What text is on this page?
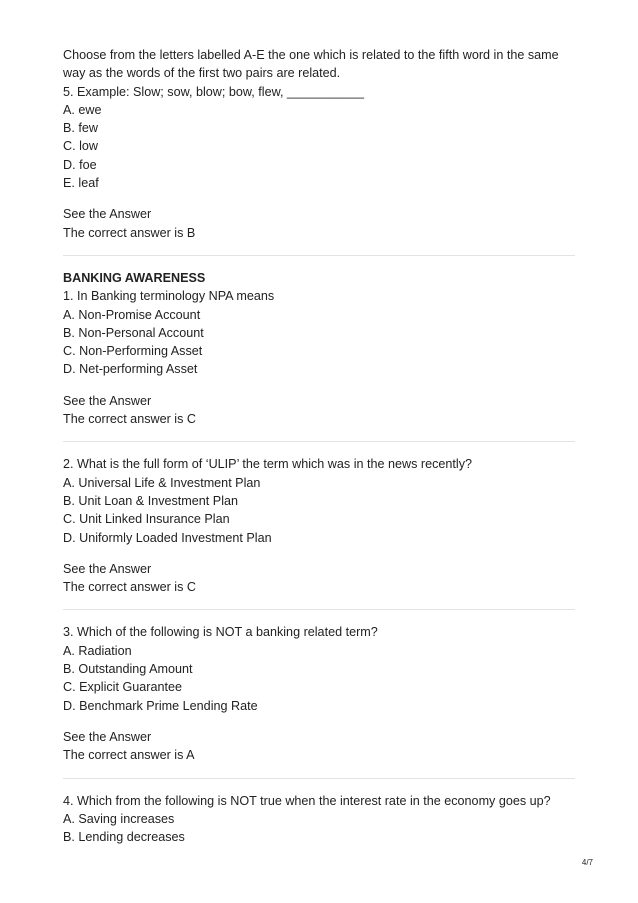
Choose from the letters labelled A-E the one which is related to the fifth word in the same way as the words of the first two pairs are related.

5. Example: Slow; sow, blow; bow, flew, ___________

A. ewe

B. few

C. low

D. foe

E. leaf

See the Answer

The correct answer is B

BANKING AWARENESS

1. In Banking terminology NPA means

A. Non-Promise Account

B. Non-Personal Account

C. Non-Performing Asset

D. Net-performing Asset

See the Answer

The correct answer is C

2. What is the full form of ‘ULIP’ the term which was in the news recently?

A. Universal Life & Investment Plan

B. Unit Loan & Investment Plan

C. Unit Linked Insurance Plan

D. Uniformly Loaded Investment Plan

See the Answer

The correct answer is C

3. Which of the following is NOT a banking related term?

A. Radiation

B. Outstanding Amount

C. Explicit Guarantee

D. Benchmark Prime Lending Rate

See the Answer

The correct answer is A

4. Which from the following is NOT true when the interest rate in the economy goes up?

A. Saving increases

B. Lending decreases

4/7
